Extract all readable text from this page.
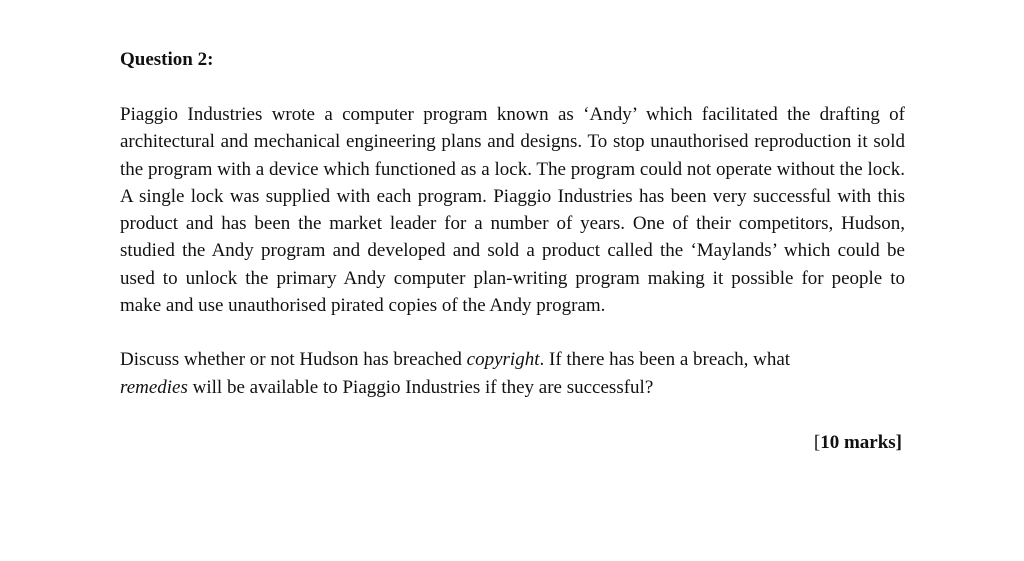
Question 2:

Piaggio Industries wrote a computer program known as ‘Andy’ which facilitated the drafting of architectural and mechanical engineering plans and designs. To stop unauthorised reproduction it sold the program with a device which functioned as a lock. The program could not operate without the lock. A single lock was supplied with each program. Piaggio Industries has been very successful with this product and has been the market leader for a number of years. One of their competitors, Hudson, studied the Andy program and developed and sold a product called the ‘Maylands’ which could be used to unlock the primary Andy computer plan-writing program making it possible for people to make and use unauthorised pirated copies of the Andy program.

Discuss whether or not Hudson has breached copyright. If there has been a breach, what
remedies will be available to Piaggio Industries if they are successful?

[10 marks]
